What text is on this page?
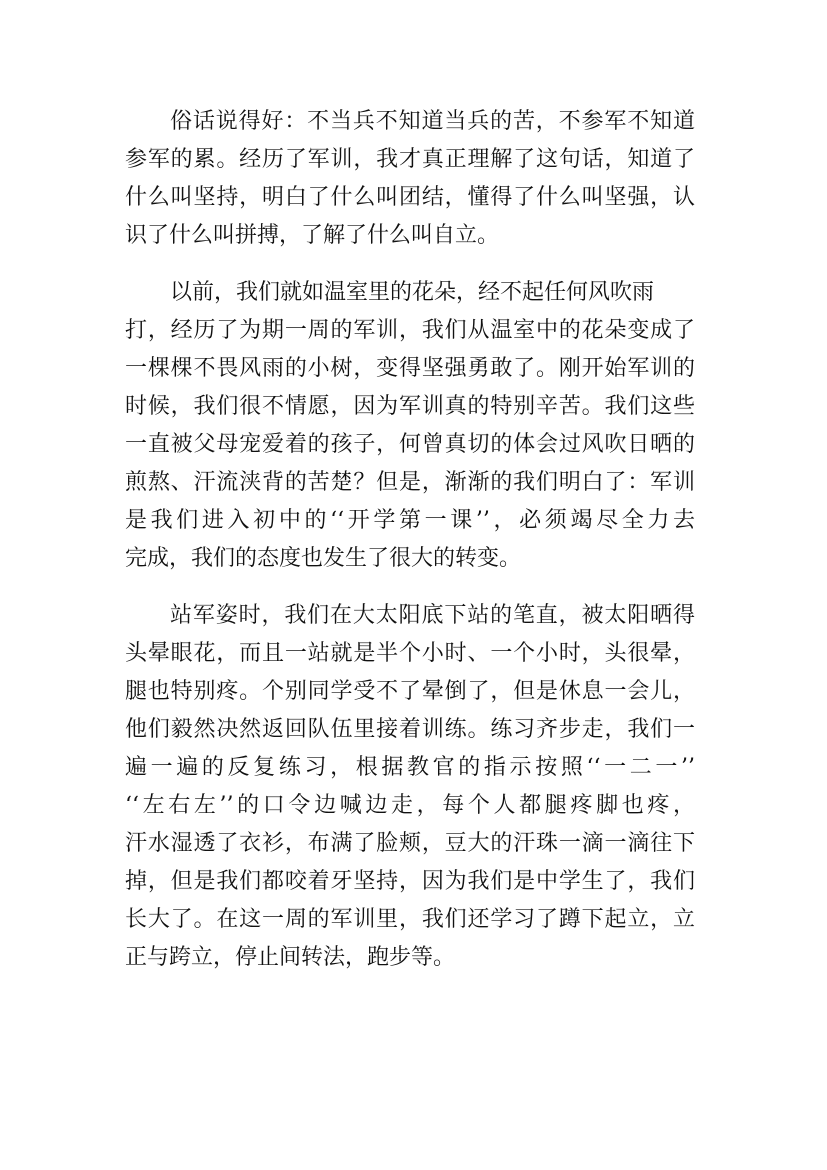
俗话说得好：不当兵不知道当兵的苦，不参军不知道
参军的累。经历了军训，我才真正理解了这句话，知道了
什么叫坚持，明白了什么叫团结，懂得了什么叫坚强，认
识了什么叫拼搏，了解了什么叫自立。
以前，我们就如温室里的花朵，经不起任何风吹雨
打，经历了为期一周的军训，我们从温室中的花朵变成了
一棵棵不畏风雨的小树，变得坚强勇敢了。刚开始军训的
时候，我们很不情愿，因为军训真的特别辛苦。我们这些
一直被父母宠爱着的孩子，何曾真切的体会过风吹日晒的
煎熬、汗流浃背的苦楚？但是，渐渐的我们明白了：军训
是我们进入初中的‘‘开学第一课’’，必须竭尽全力去
完成，我们的态度也发生了很大的转变。
站军姿时，我们在大太阳底下站的笔直，被太阳晒得
头晕眼花，而且一站就是半个小时、一个小时，头很晕，
腿也特别疼。个别同学受不了晕倒了，但是休息一会儿，
他们毅然决然返回队伍里接着训练。练习齐步走，我们一
遍一遍的反复练习，根据教官的指示按照‘‘一二一’’
‘‘左右左’’的口令边喊边走，每个人都腿疼脚也疼，
汗水湿透了衣衫，布满了脸颊，豆大的汗珠一滴一滴往下
掉，但是我们都咬着牙坚持，因为我们是中学生了，我们
长大了。在这一周的军训里，我们还学习了蹲下起立，立
正与跨立，停止间转法，跑步等。
